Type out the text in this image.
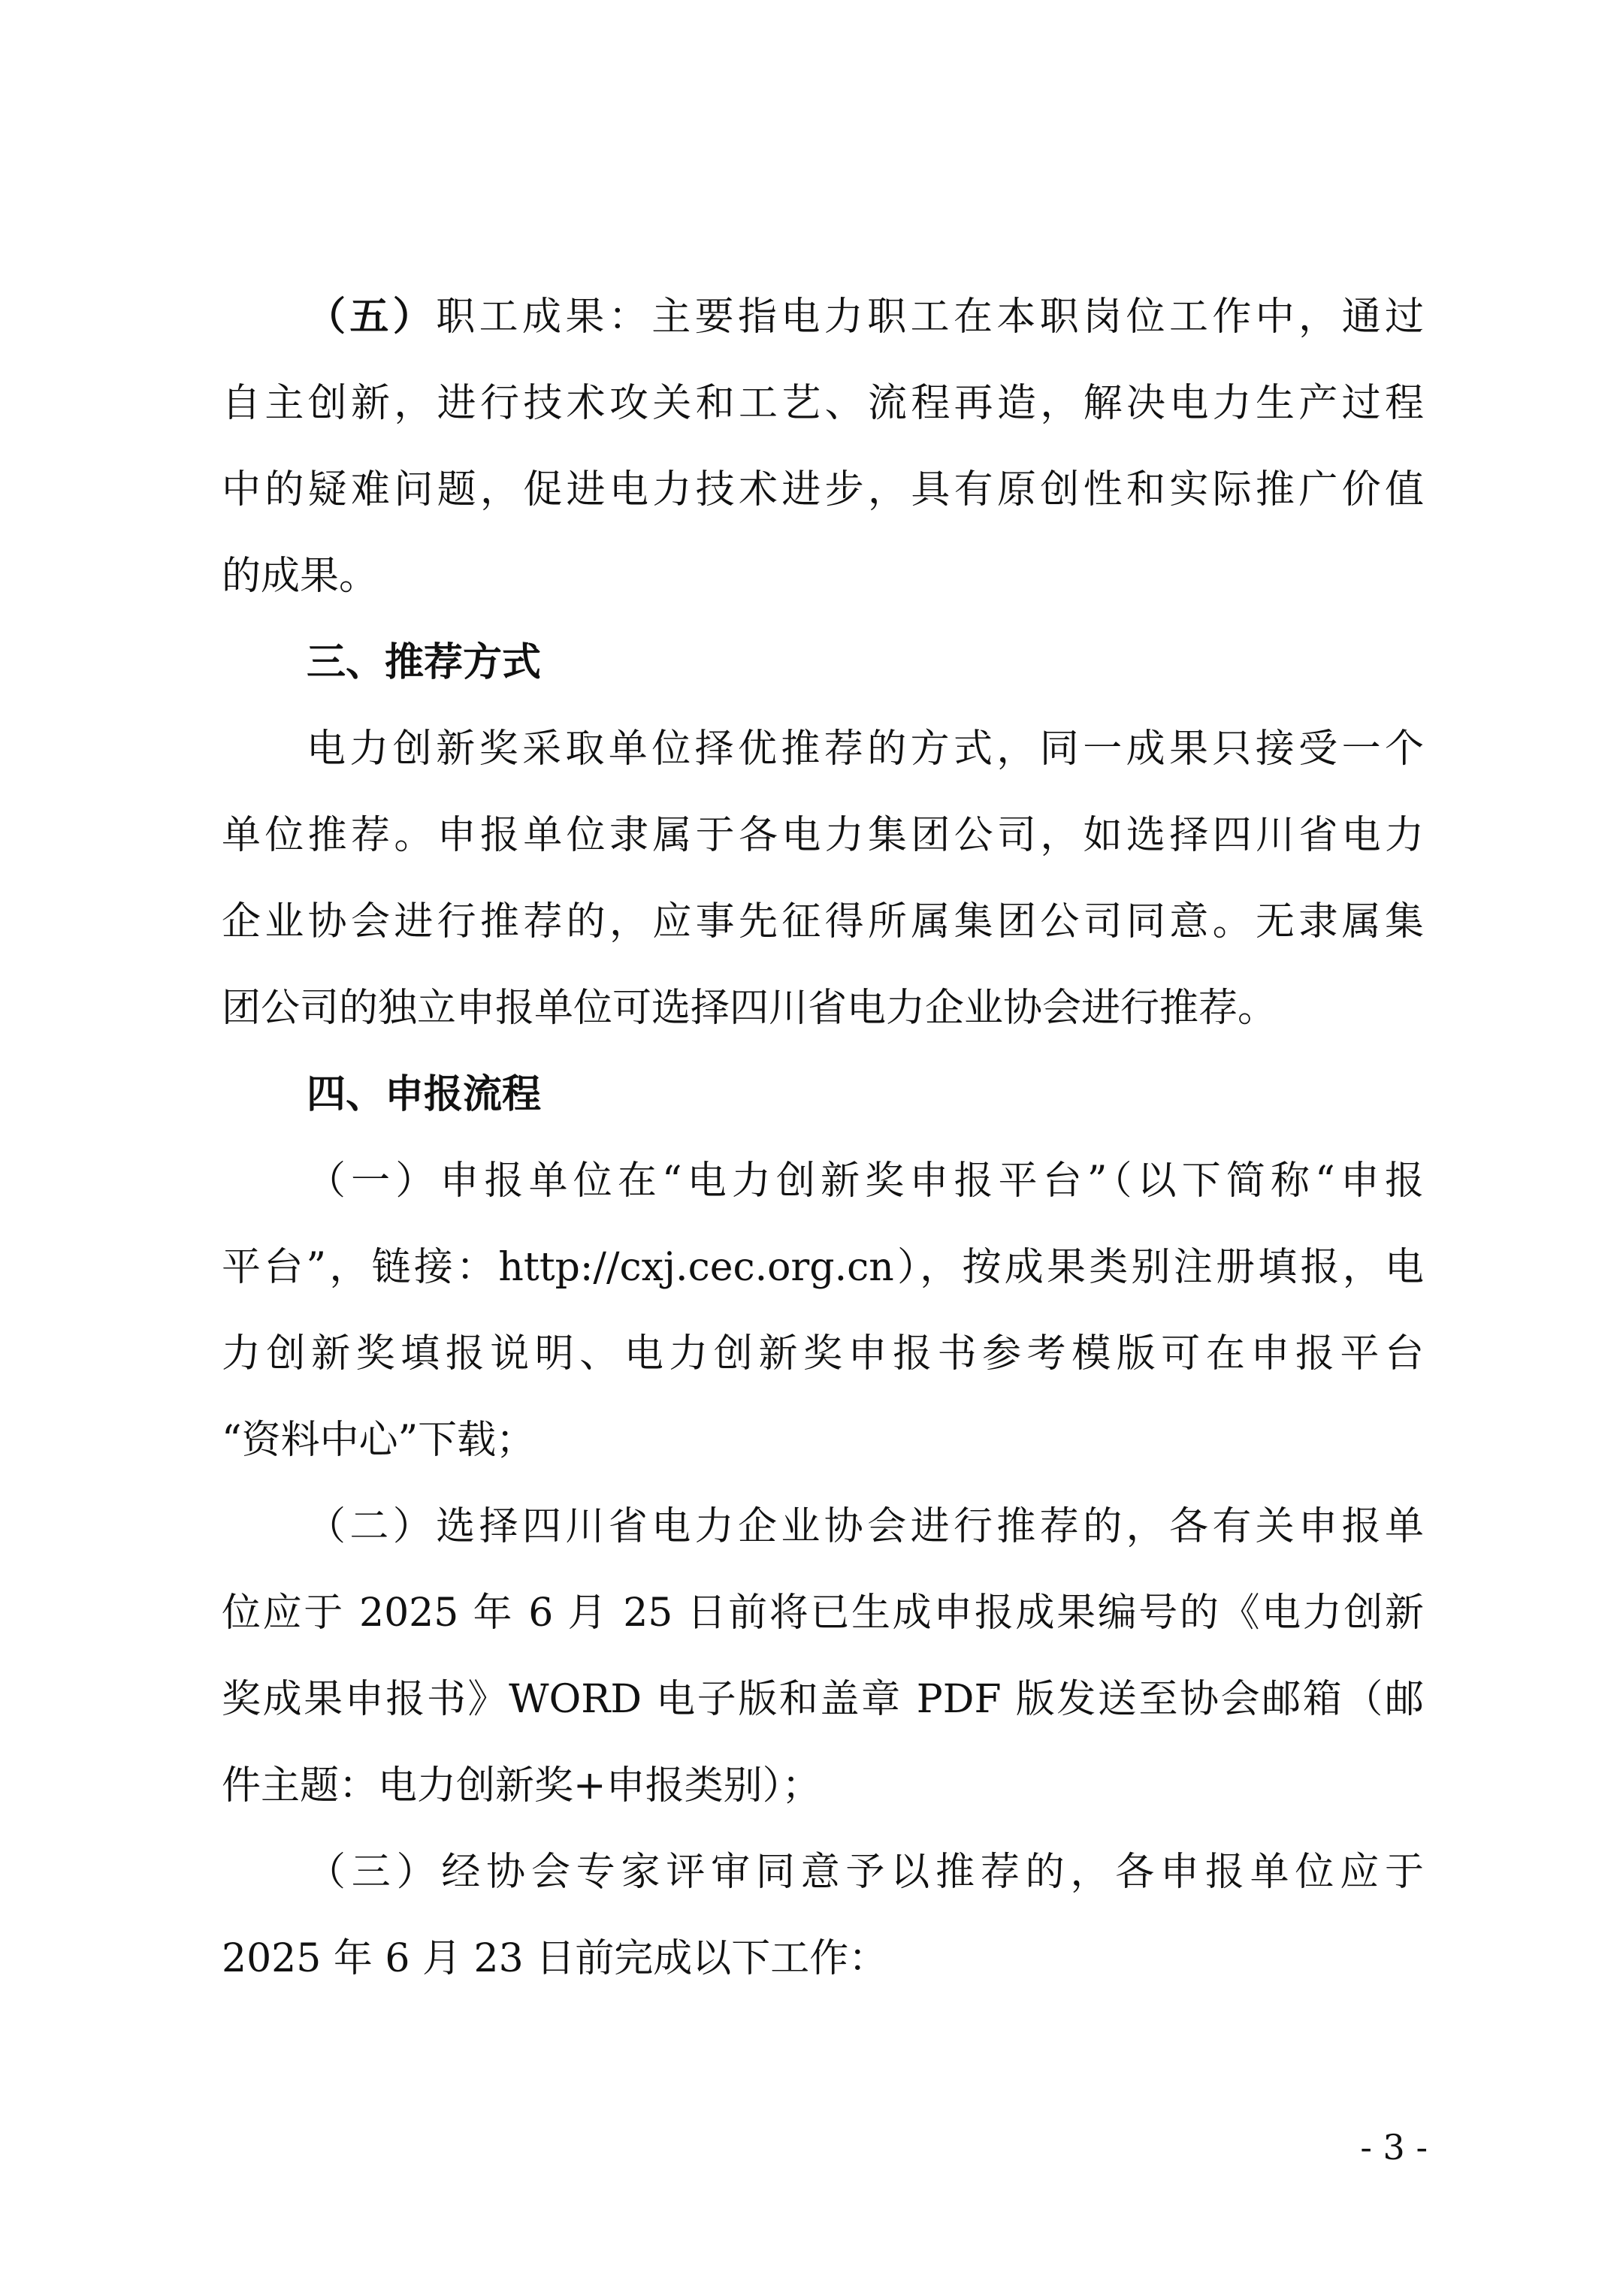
（五）职工成果：主要指电力职工在本职岗位工作中，通过
自主创新，进行技术攻关和工艺、流程再造，解决电力生产过程
中的疑难问题，促进电力技术进步，具有原创性和实际推广价值
的成果。
三、推荐方式
电力创新奖采取单位择优推荐的方式，同一成果只接受一个
单位推荐。申报单位隶属于各电力集团公司，如选择四川省电力
企业协会进行推荐的，应事先征得所属集团公司同意。无隶属集
团公司的独立申报单位可选择四川省电力企业协会进行推荐。
四、申报流程
（一）申报单位在“电力创新奖申报平台”（以下简称“申报
平台”，链接：http://cxj.cec.org.cn），按成果类别注册填报，电
力创新奖填报说明、电力创新奖申报书参考模版可在申报平台
“资料中心”下载；
（二）选择四川省电力企业协会进行推荐的，各有关申报单
位应于 2025 年 6 月 25 日前将已生成申报成果编号的《电力创新
奖成果申报书》WORD 电子版和盖章 PDF 版发送至协会邮箱（邮
件主题：电力创新奖+申报类别）；
（三）经协会专家评审同意予以推荐的，各申报单位应于
2025 年 6 月 23 日前完成以下工作：
- 3 -
